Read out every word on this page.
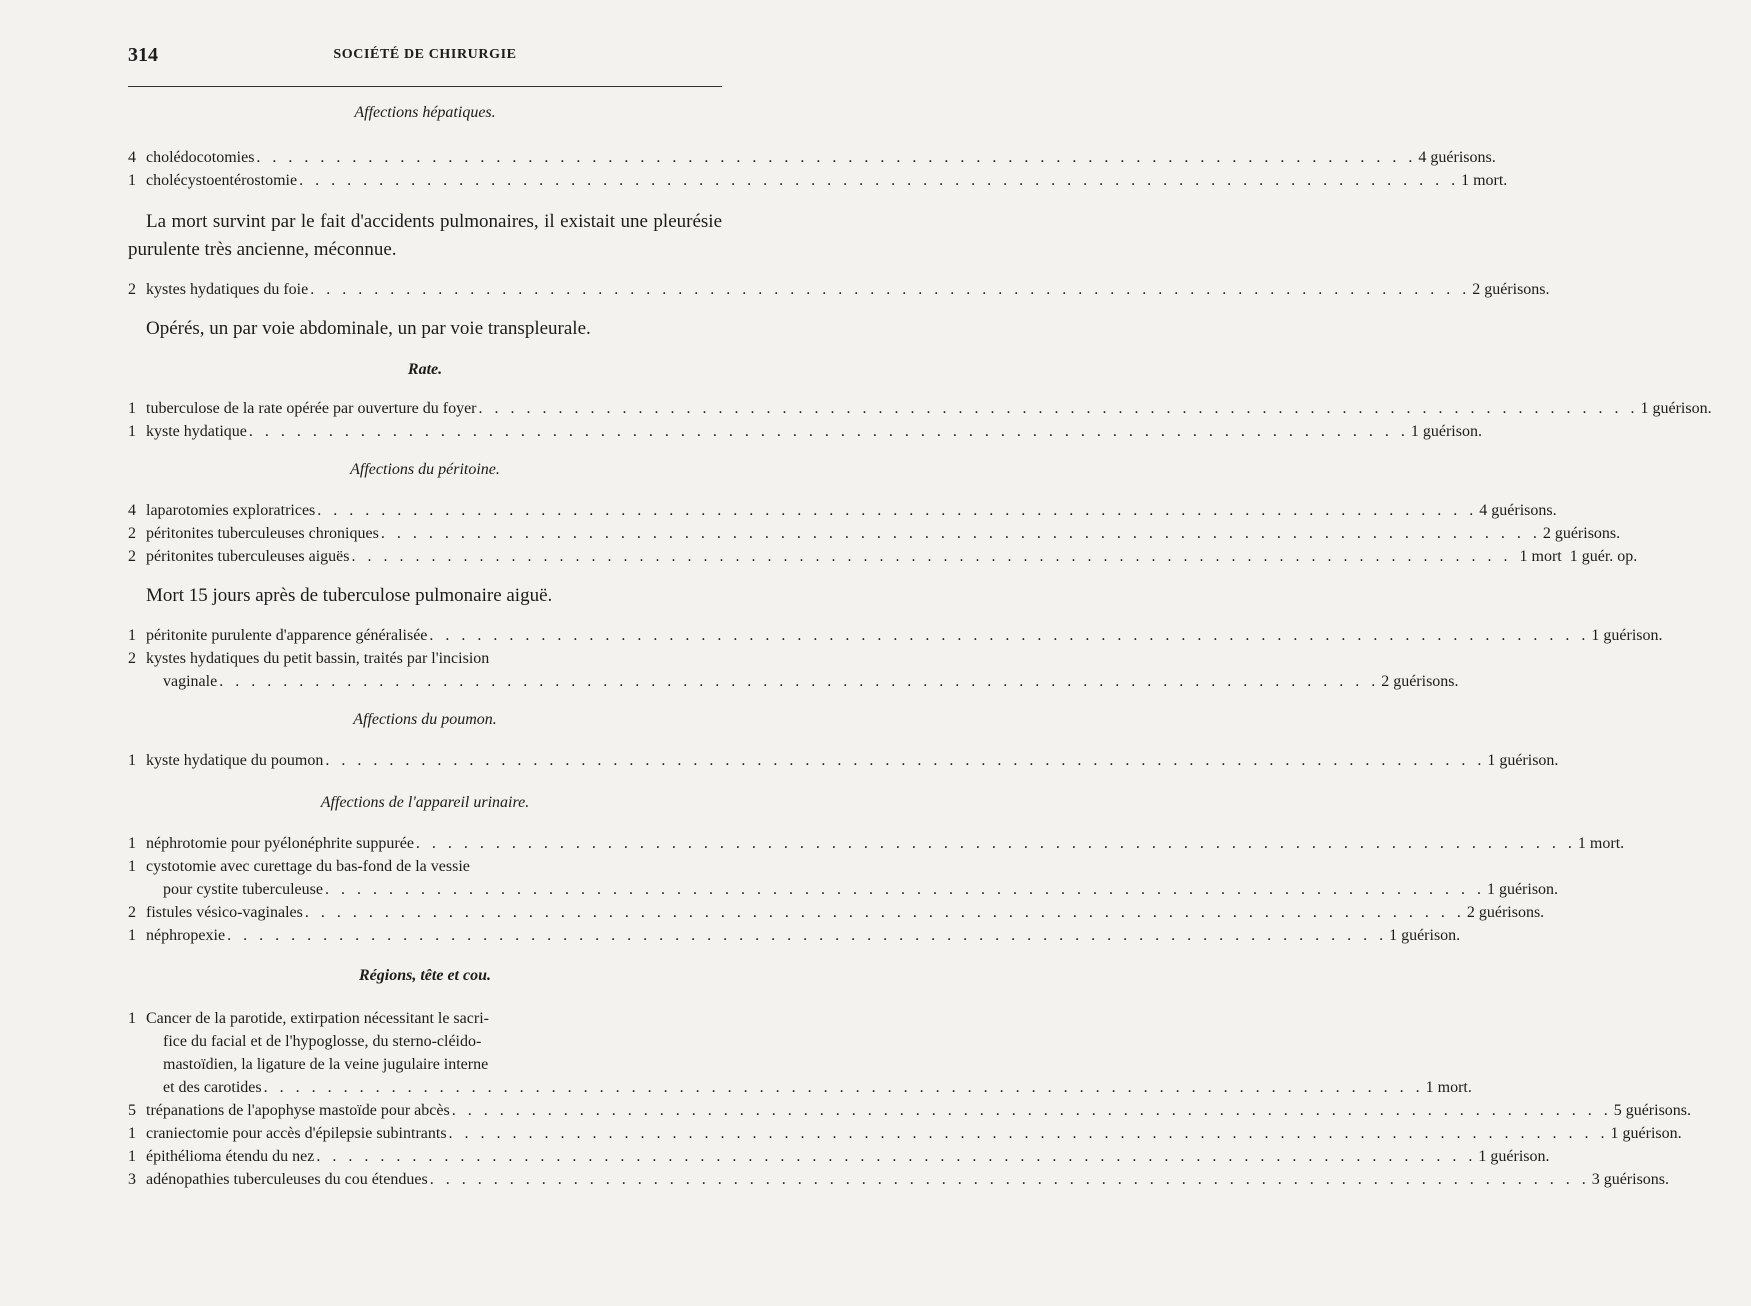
314	SOCIÉTÉ DE CHIRURGIE
Affections hépatiques.
4 cholédocotomies . . .	4 guérisons.
1 cholécystoentérostomie . . .	1 mort.
La mort survint par le fait d'accidents pulmonaires, il existait une pleurésie purulente très ancienne, méconnue.
2 kystes hydatiques du foie . . .	2 guérisons.
Opérés, un par voie abdominale, un par voie transpleurale.
Rate.
1 tuberculose de la rate opérée par ouverture du foyer . . .	1 guérison.
1 kyste hydatique . . .	1 guérison.
Affections du péritoine.
4 laparotomies exploratrices . . .	4 guérisons.
2 péritonites tuberculeuses chroniques . . .	2 guérisons.
2 péritonites tuberculeuses aiguës . . .	1 mort 1 guér. op.
Mort 15 jours après de tuberculose pulmonaire aiguë.
1 péritonite purulente d'apparence généralisée . . .	1 guérison.
2 kystes hydatiques du petit bassin, traités par l'incision
vaginale . . .	2 guérisons.
Affections du poumon.
1 kyste hydatique du poumon . . .	1 guérison.
Affections de l'appareil urinaire.
1 néphrotomie pour pyélonéphrite suppurée . . .	1 mort.
1 cystotomie avec curettage du bas-fond de la vessie
pour cystite tuberculeuse . . .	1 guérison.
2 fistules vésico-vaginales . . .	2 guérisons.
1 néphropexie . . .	1 guérison.
Régions, tête et cou.
1 Cancer de la parotide, extirpation nécessitant le sacri-
fice du facial et de l'hypoglosse, du sterno-cléido-
mastoïdien, la ligature de la veine jugulaire interne
et des carotides . . .	1 mort.
5 trépanations de l'apophyse mastoïde pour abcès . . .	5 guérisons.
1 craniectomie pour accès d'épilepsie subintrants . . .	1 guérison.
1 épithélioma étendu du nez . . .	1 guérison.
3 adénopathies tuberculeuses du cou étendues . . .	3 guérisons.
